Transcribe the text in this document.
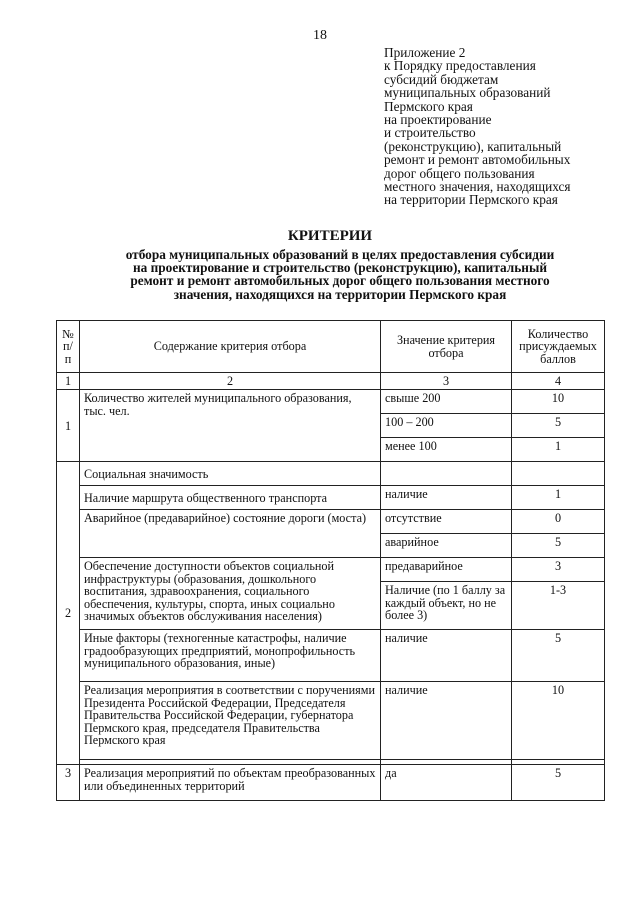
18
Приложение 2
к Порядку предоставления
субсидий бюджетам
муниципальных образований
Пермского края
на проектирование
и строительство
(реконструкцию), капитальный
ремонт и ремонт автомобильных
дорог общего пользования
местного значения, находящихся
на территории Пермского края
КРИТЕРИИ
отбора муниципальных образований в целях предоставления субсидии
на проектирование и строительство (реконструкцию), капитальный
ремонт и ремонт автомобильных дорог общего пользования местного
значения, находящихся на территории Пермского края
№ п/п	Содержание критерия отбора	Значение критерия отбора	Количество присуждаемых баллов
1	2	3	4
1	Количество жителей муниципального образования, тыс. чел.	свыше 200	10
		100 – 200	5
		менее 100	1
2	Социальная значимость		
	Наличие маршрута общественного транспорта	наличие	1
	Аварийное (предаварийное) состояние дороги (моста)	отсутствие	0
		аварийное	5
	Обеспечение доступности объектов социальной инфраструктуры (образования, дошкольного воспитания, здравоохранения, социального обеспечения, культуры, спорта, иных социально значимых объектов обслуживания населения)	предаварийное	3
		Наличие (по 1 баллу за каждый объект, но не более 3)	1-3
	Иные факторы (техногенные катастрофы, наличие градообразующих предприятий, монопрофильность муниципального образования, иные)	наличие	5
	Реализация мероприятия в соответствии с поручениями Президента Российской Федерации, Председателя Правительства Российской Федерации, губернатора Пермского края, председателя Правительства Пермского края	наличие	10

3	Реализация мероприятий по объектам преобразованных или объединенных территорий	да	5
